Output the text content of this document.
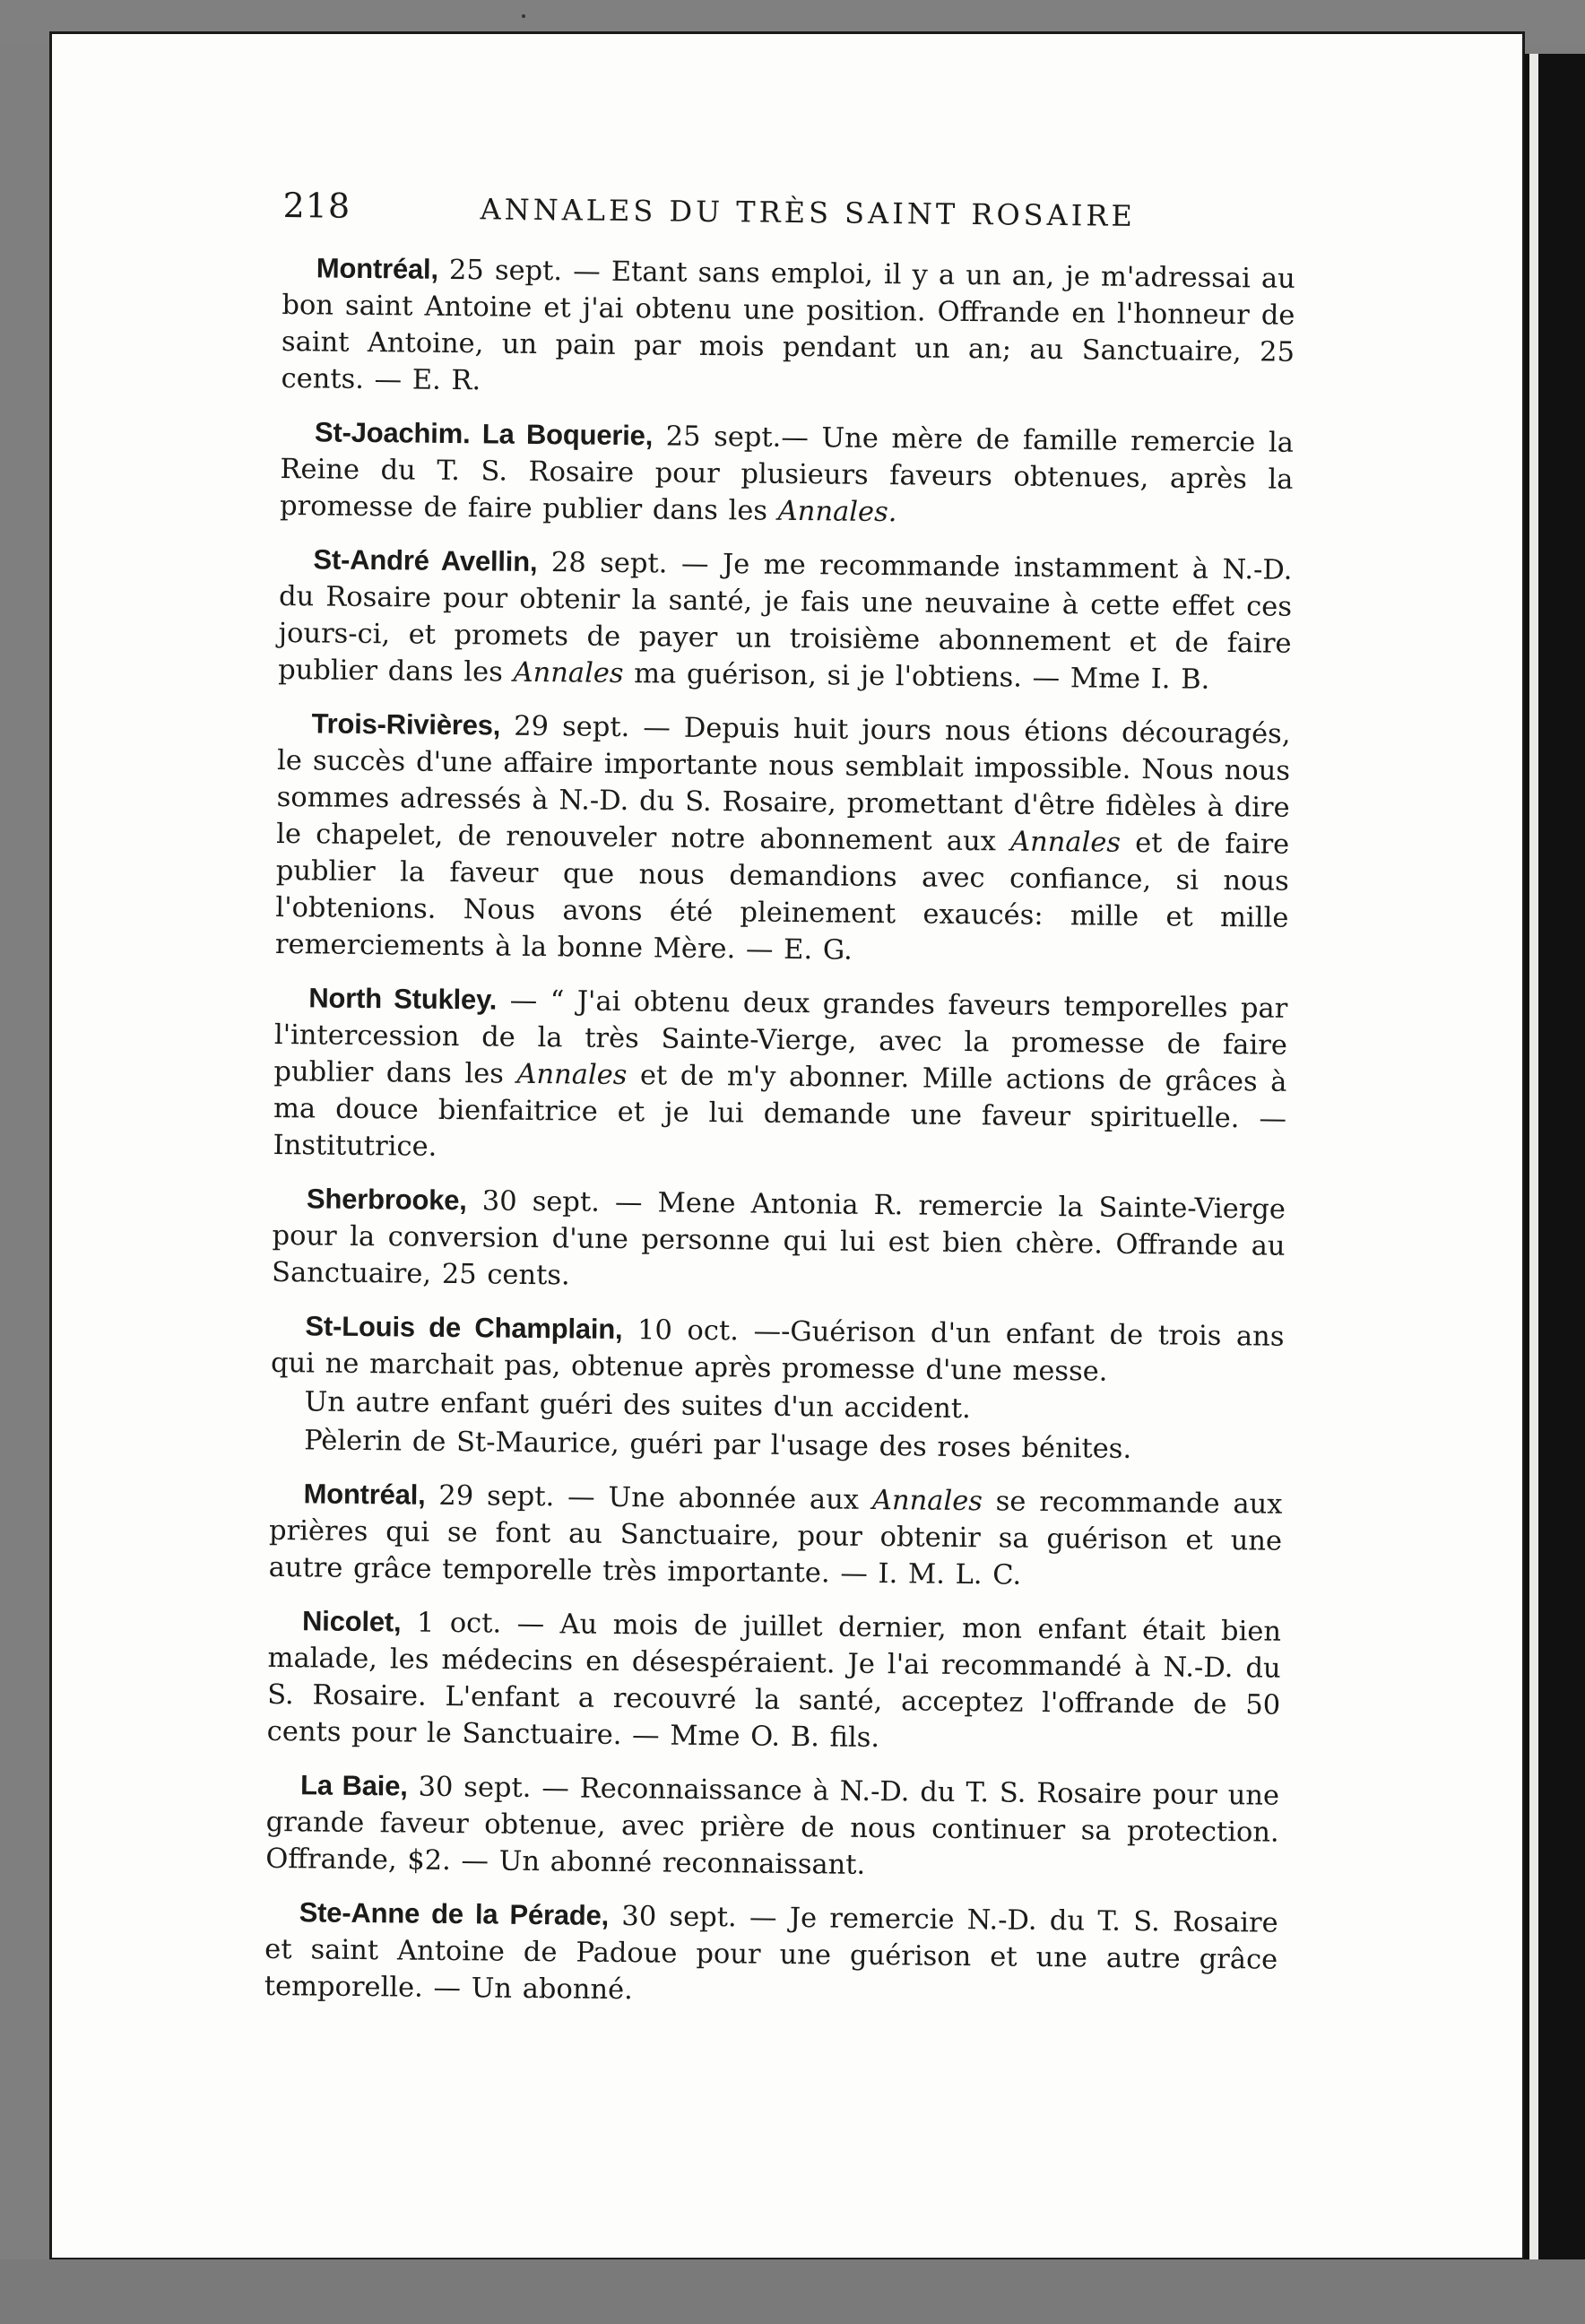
218	ANNALES DU TRÈS SAINT ROSAIRE

Montréal, 25 sept. — Etant sans emploi, il y a un an, je m'adressai au bon saint Antoine et j'ai obtenu une position. Offrande en l'honneur de saint Antoine, un pain par mois pendant un an; au Sanctuaire, 25 cents. — E. R.

St-Joachim. La Boquerie, 25 sept.— Une mère de famille remercie la Reine du T. S. Rosaire pour plusieurs faveurs obtenues, après la promesse de faire publier dans les Annales.

St-André Avellin, 28 sept. — Je me recommande instamment à N.-D. du Rosaire pour obtenir la santé, je fais une neuvaine à cette effet ces jours-ci, et promets de payer un troisième abonnement et de faire publier dans les Annales ma guérison, si je l'obtiens. — Mme I. B.

Trois-Rivières, 29 sept. — Depuis huit jours nous étions découragés, le succès d'une affaire importante nous semblait impossible. Nous nous sommes adressés à N.-D. du S. Rosaire, promettant d'être fidèles à dire le chapelet, de renouveler notre abonnement aux Annales et de faire publier la faveur que nous demandions avec confiance, si nous l'obtenions. Nous avons été pleinement exaucés: mille et mille remerciements à la bonne Mère. — E. G.

North Stukley. — “ J'ai obtenu deux grandes faveurs temporelles par l'intercession de la très Sainte-Vierge, avec la promesse de faire publier dans les Annales et de m'y abonner. Mille actions de grâces à ma douce bienfaitrice et je lui demande une faveur spirituelle. — Institutrice.

Sherbrooke, 30 sept. — Mene Antonia R. remercie la Sainte-Vierge pour la conversion d'une personne qui lui est bien chère. Offrande au Sanctuaire, 25 cents.

St-Louis de Champlain, 10 oct. —-Guérison d'un enfant de trois ans qui ne marchait pas, obtenue après promesse d'une messe.

Un autre enfant guéri des suites d'un accident.

Pèlerin de St-Maurice, guéri par l'usage des roses bénites.

Montréal, 29 sept. — Une abonnée aux Annales se recommande aux prières qui se font au Sanctuaire, pour obtenir sa guérison et une autre grâce temporelle très importante. — I. M. L. C.

Nicolet, 1 oct. — Au mois de juillet dernier, mon enfant était bien malade, les médecins en désespéraient. Je l'ai recommandé à N.-D. du S. Rosaire. L'enfant a recouvré la santé, acceptez l'offrande de 50 cents pour le Sanctuaire. — Mme O. B. fils.

La Baie, 30 sept. — Reconnaissance à N.-D. du T. S. Rosaire pour une grande faveur obtenue, avec prière de nous continuer sa protection. Offrande, $2. — Un abonné reconnaissant.

Ste-Anne de la Pérade, 30 sept. — Je remercie N.-D. du T. S. Rosaire et saint Antoine de Padoue pour une guérison et une autre grâce temporelle. — Un abonné.
